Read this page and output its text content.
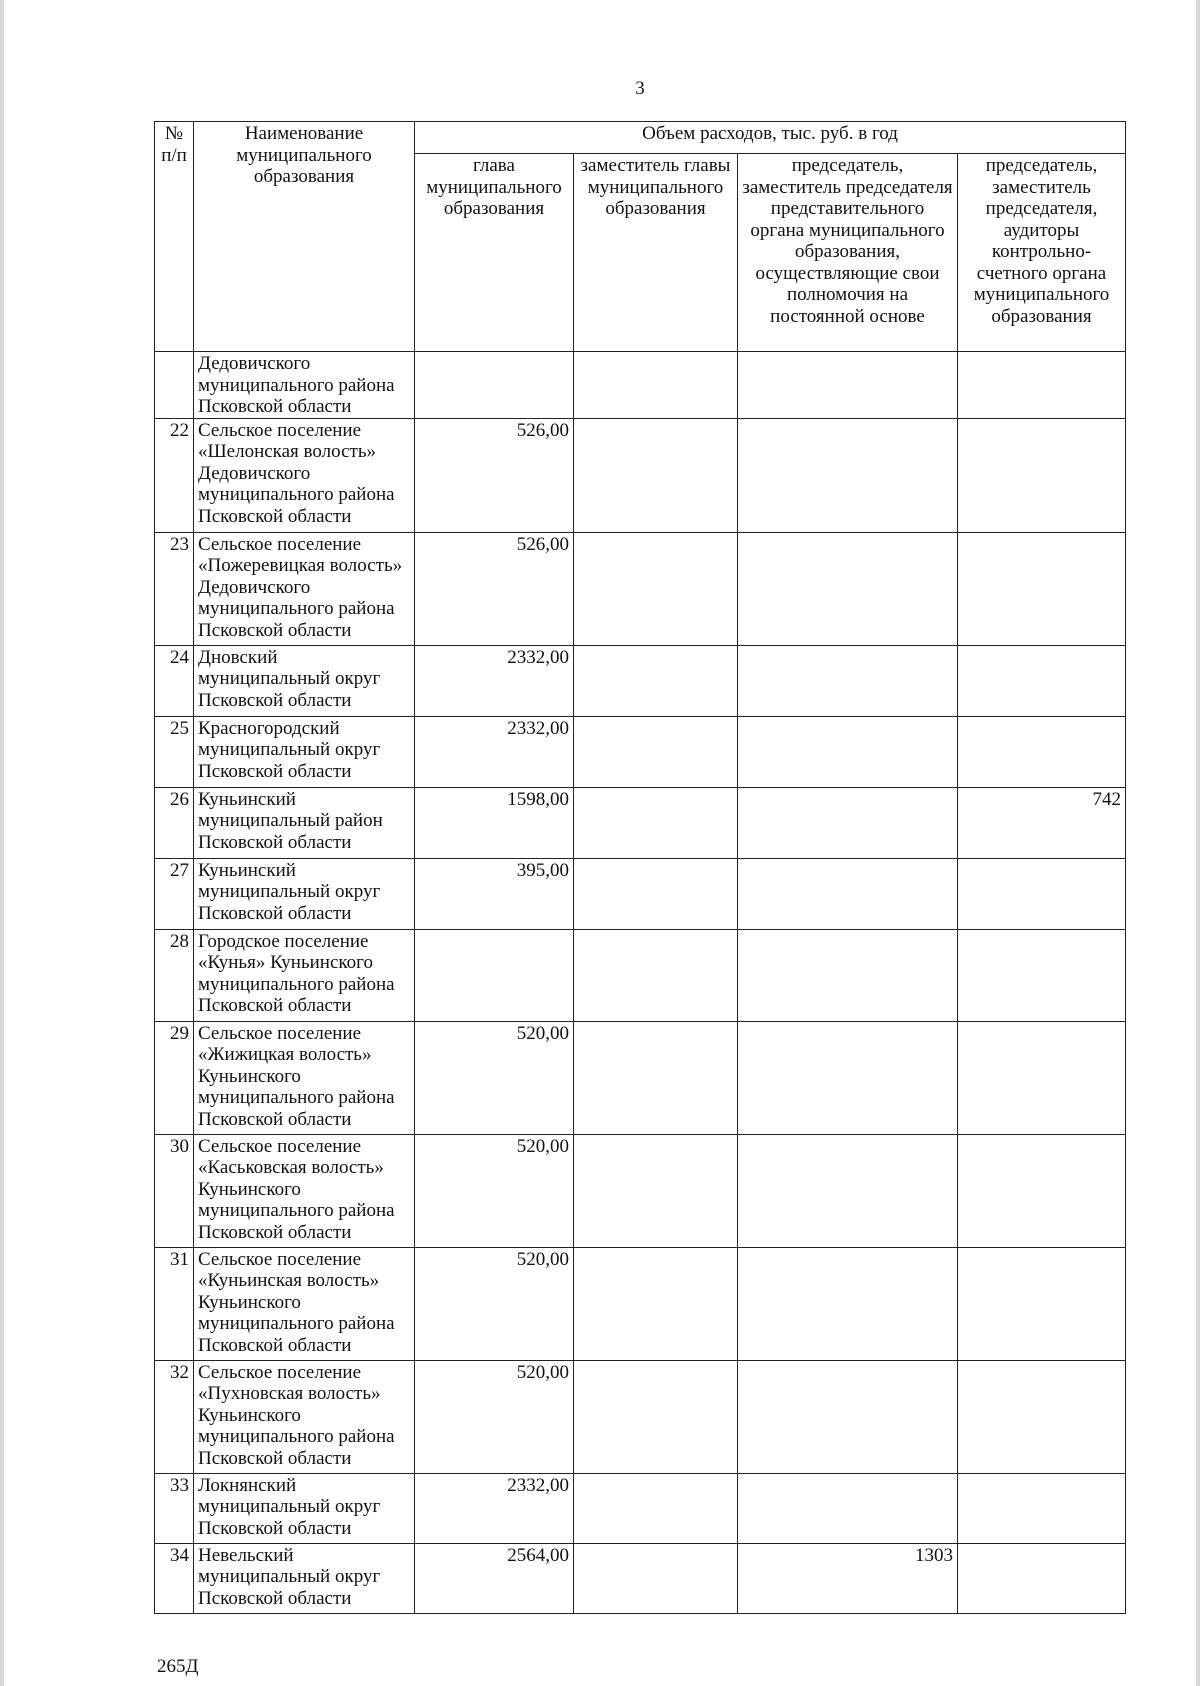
3
№ п/п	Наименование муниципального образования	Объем расходов, тыс. руб. в год			
		глава муниципального образования	заместитель главы муниципального образования	председатель, заместитель председателя представительного органа муниципального образования, осуществляющие свои полномочия на постоянной основе	председатель, заместитель председателя, аудиторы контрольно-счетного органа муниципального образования
	Дедовичского муниципального района Псковской области				
22	Сельское поселение «Шелонская волость» Дедовичского муниципального района Псковской области	526,00			
23	Сельское поселение «Пожеревицкая волость» Дедовичского муниципального района Псковской области	526,00			
24	Дновский муниципальный округ Псковской области	2332,00			
25	Красногородский муниципальный округ Псковской области	2332,00			
26	Куньинский муниципальный район Псковской области	1598,00			742
27	Куньинский муниципальный округ Псковской области	395,00			
28	Городское поселение «Кунья» Куньинского муниципального района Псковской области				
29	Сельское поселение «Жижицкая волость» Куньинского муниципального района Псковской области	520,00			
30	Сельское поселение «Каськовская волость» Куньинского муниципального района Псковской области	520,00			
31	Сельское поселение «Куньинская волость» Куньинского муниципального района Псковской области	520,00			
32	Сельское поселение «Пухновская волость» Куньинского муниципального района Псковской области	520,00			
33	Локнянский муниципальный округ Псковской области	2332,00			
34	Невельский муниципальный округ Псковской области	2564,00		1303	
265Д
